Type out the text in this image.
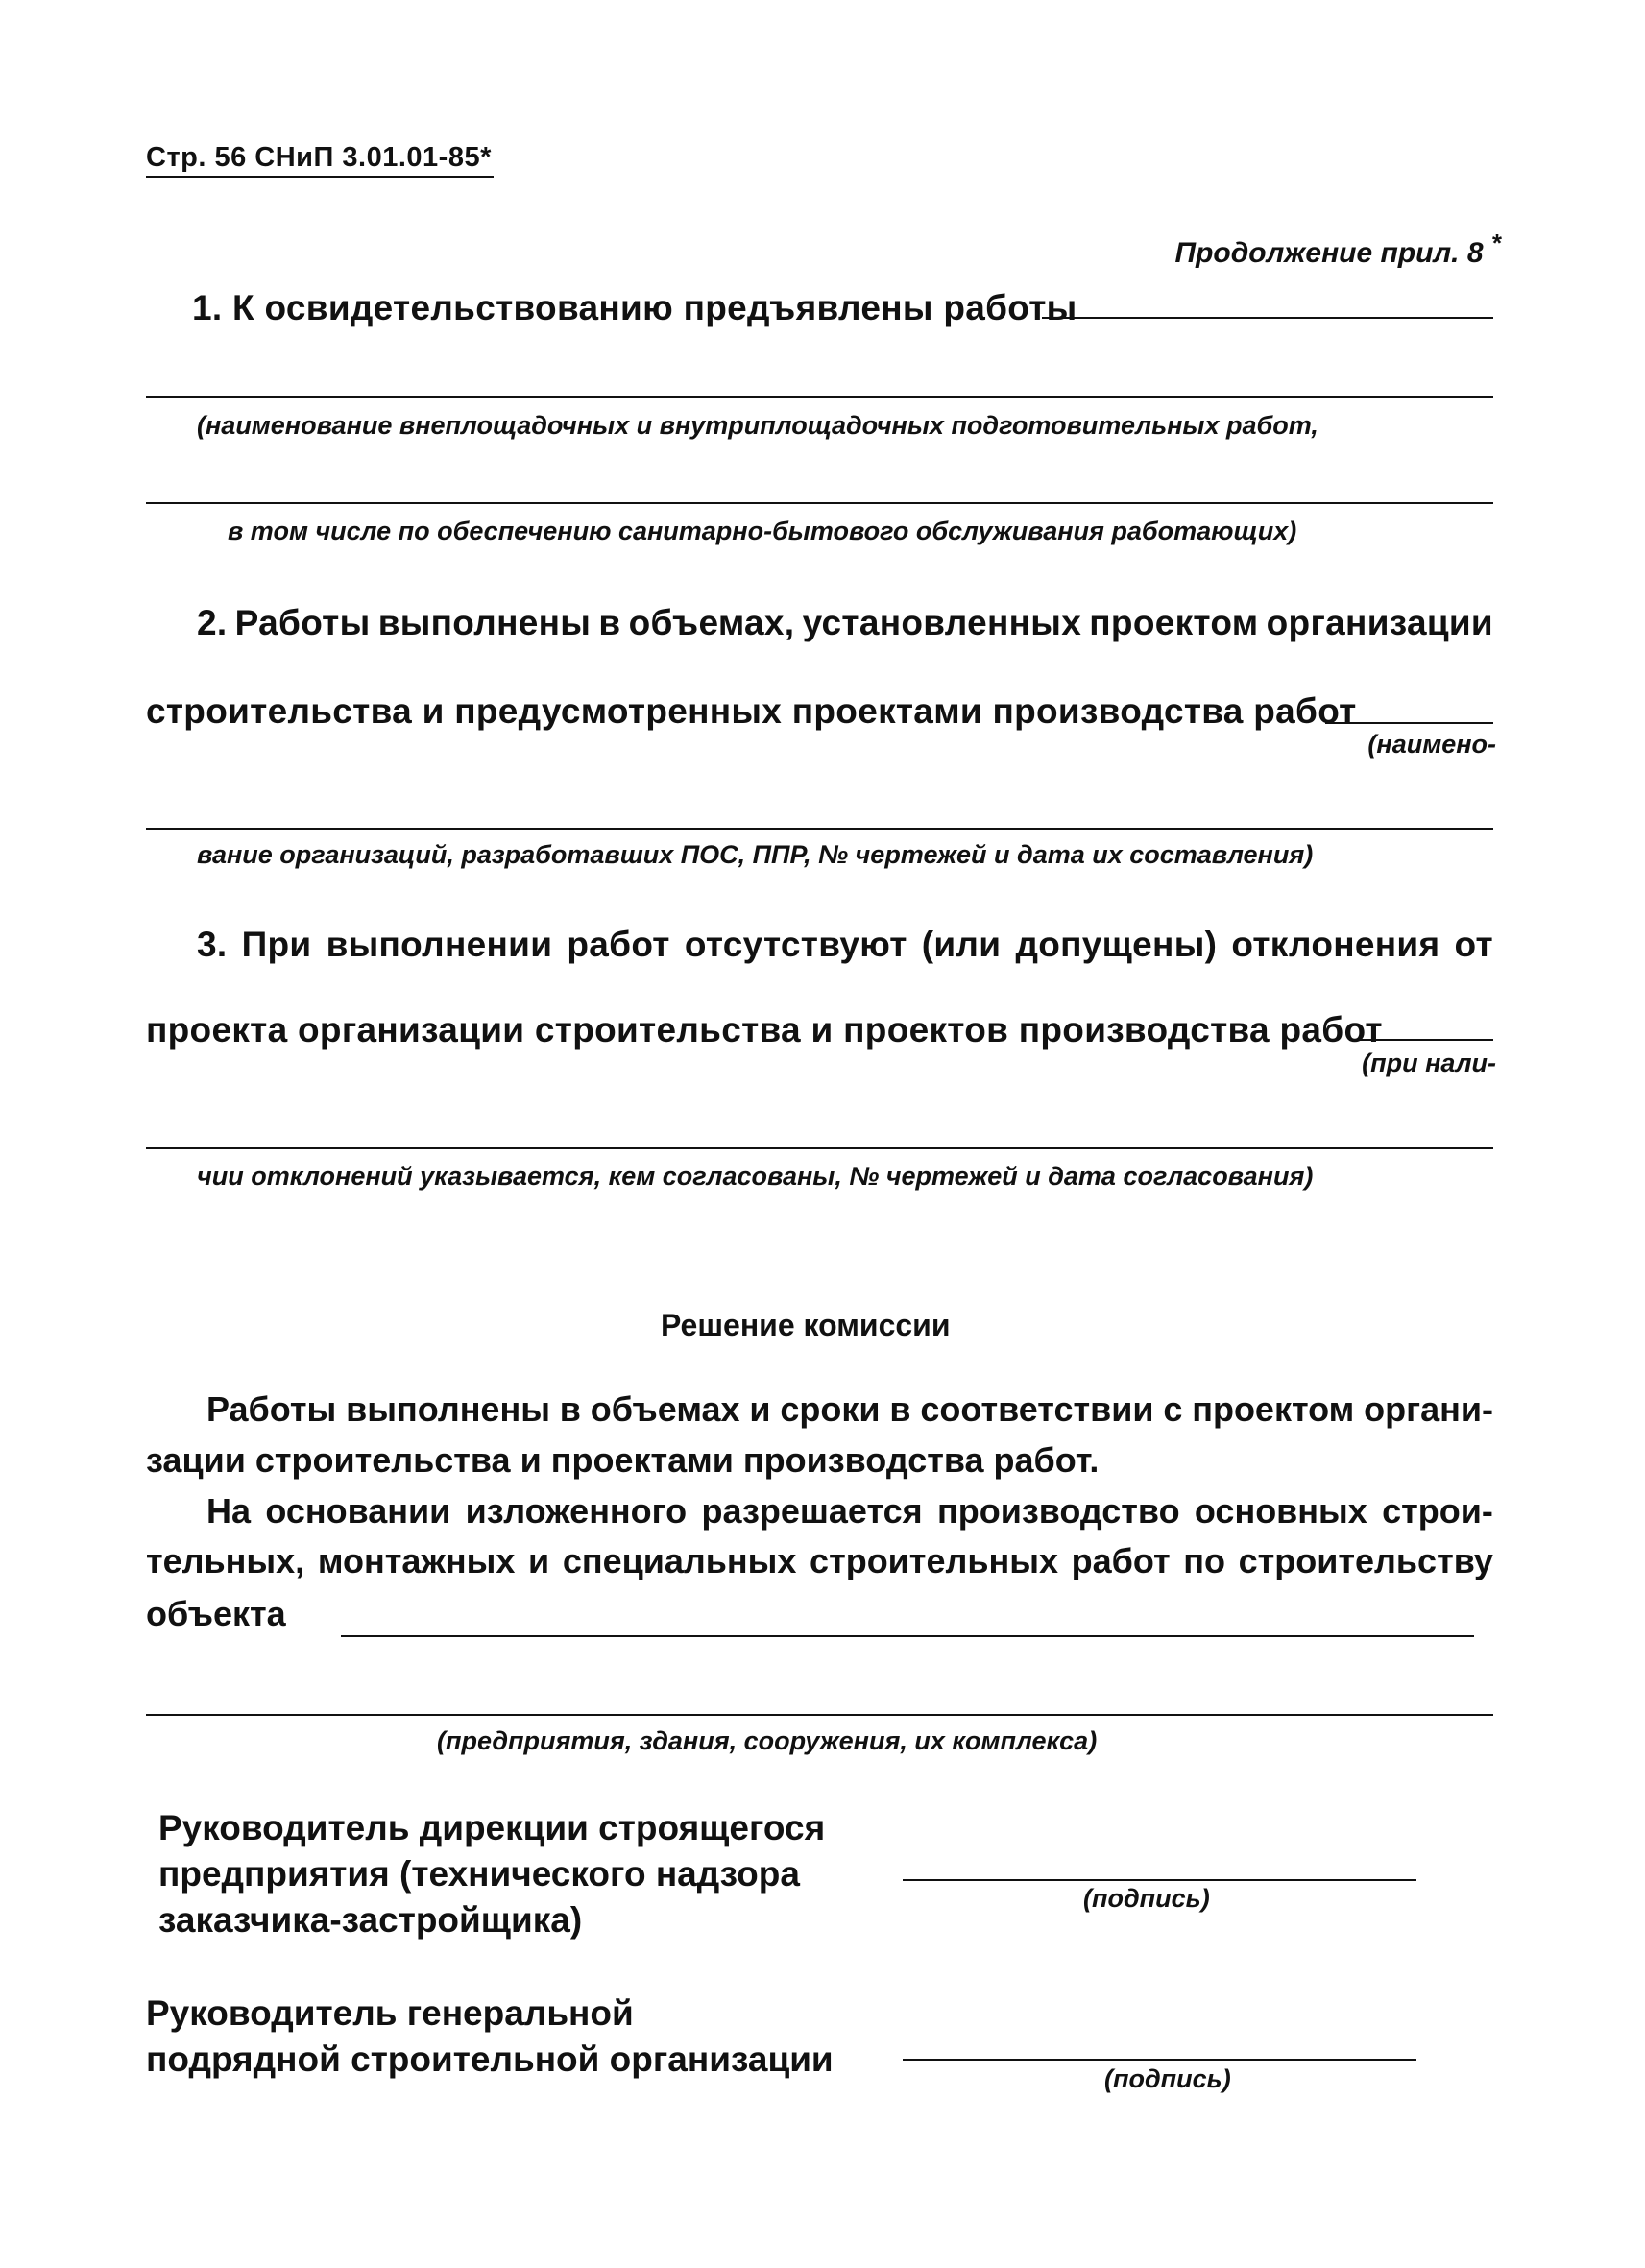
Стр. 56 СНиП 3.01.01-85*
Продолжение прил. 8 *
1. К освидетельствованию предъявлены работы
(наименование внеплощадочных и внутриплощадочных подготовительных работ,
в том числе по обеспечению санитарно-бытового обслуживания работающих)
2. Работы выполнены в объемах, установленных проектом организации
строительства и предусмотренных проектами производства работ
(наимено-
вание организаций, разработавших ПОС, ППР, № чертежей и дата их составления)
3. При выполнении работ отсутствуют (или допущены) отклонения от
проекта организации строительства и проектов производства работ
(при нали-
чии отклонений указывается, кем согласованы, № чертежей и дата согласования)
Решение комиссии
Работы выполнены в объемах и сроки в соответствии с проектом органи-
зации строительства и проектами производства работ.
На основании изложенного разрешается производство основных строи-
тельных, монтажных и специальных строительных работ по строительству
объекта
(предприятия, здания, сооружения, их комплекса)
Руководитель дирекции строящегося предприятия (технического надзора заказчика-застройщика)
(подпись)
Руководитель генеральной подрядной строительной организации	(подпись)
